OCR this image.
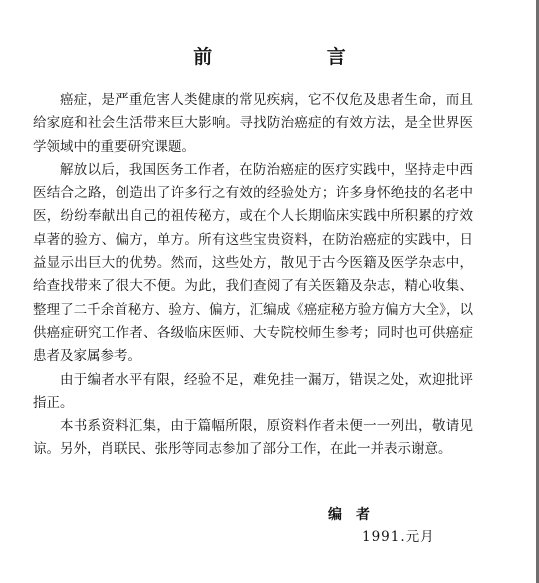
前 言

癌症，是严重危害人类健康的常见疾病，它不仅危及患者生命，而且给家庭和社会生活带来巨大影响。寻找防治癌症的有效方法，是全世界医学领域中的重要研究课题。

解放以后，我国医务工作者，在防治癌症的医疗实践中，坚持走中西医结合之路，创造出了许多行之有效的经验处方；许多身怀绝技的名老中医，纷纷奉献出自己的祖传秘方，或在个人长期临床实践中所积累的疗效卓著的验方、偏方，单方。所有这些宝贵资料，在防治癌症的实践中，日益显示出巨大的优势。然而，这些处方，散见于古今医籍及医学杂志中，给查找带来了很大不便。为此，我们查阅了有关医籍及杂志，精心收集、整理了二千余首秘方、验方、偏方，汇编成《癌症秘方验方偏方大全》，以供癌症研究工作者、各级临床医师、大专院校师生参考；同时也可供癌症患者及家属参考。

由于编者水平有限，经验不足，难免挂一漏万，错误之处，欢迎批评指正。

本书系资料汇集，由于篇幅所限，原资料作者未便一一列出，敬请见谅。另外，肖联民、张彤等同志参加了部分工作，在此一并表示谢意。

编者
1991.元月
